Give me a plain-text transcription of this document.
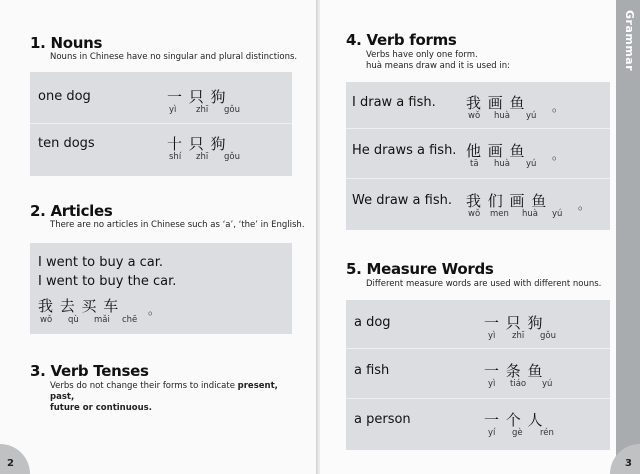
1. Nouns
Nouns in Chinese have no singular and plural distinctions.
one dog	一 只 狗
yì zhī gǒu
ten dogs	十 只 狗
shí zhī gǒu
2. Articles
There are no articles in Chinese such as ‘a’, ‘the’ in English.
I went to buy a car.
I went to buy the car.
我 去 买 车 。
wǒ qù mǎi chē
3. Verb Tenses
Verbs do not change their forms to indicate present, past,
future or continuous.
2
4. Verb forms
Verbs have only one form.
huà means draw and it is used in:
I draw a fish. 我 画 鱼 。
wǒ huà yú
He draws a fish. 他 画 鱼 。
tā huà yú
We draw a fish. 我 们 画 鱼	。
wǒ men huà yú
5. Measure Words
Different measure words are used with different nouns.
a dog	一 只 狗
yì zhī gǒu
a fish	一 条 鱼
yì tiáo yú
a person	一 个 人
yí gè rén
Grammar
3
